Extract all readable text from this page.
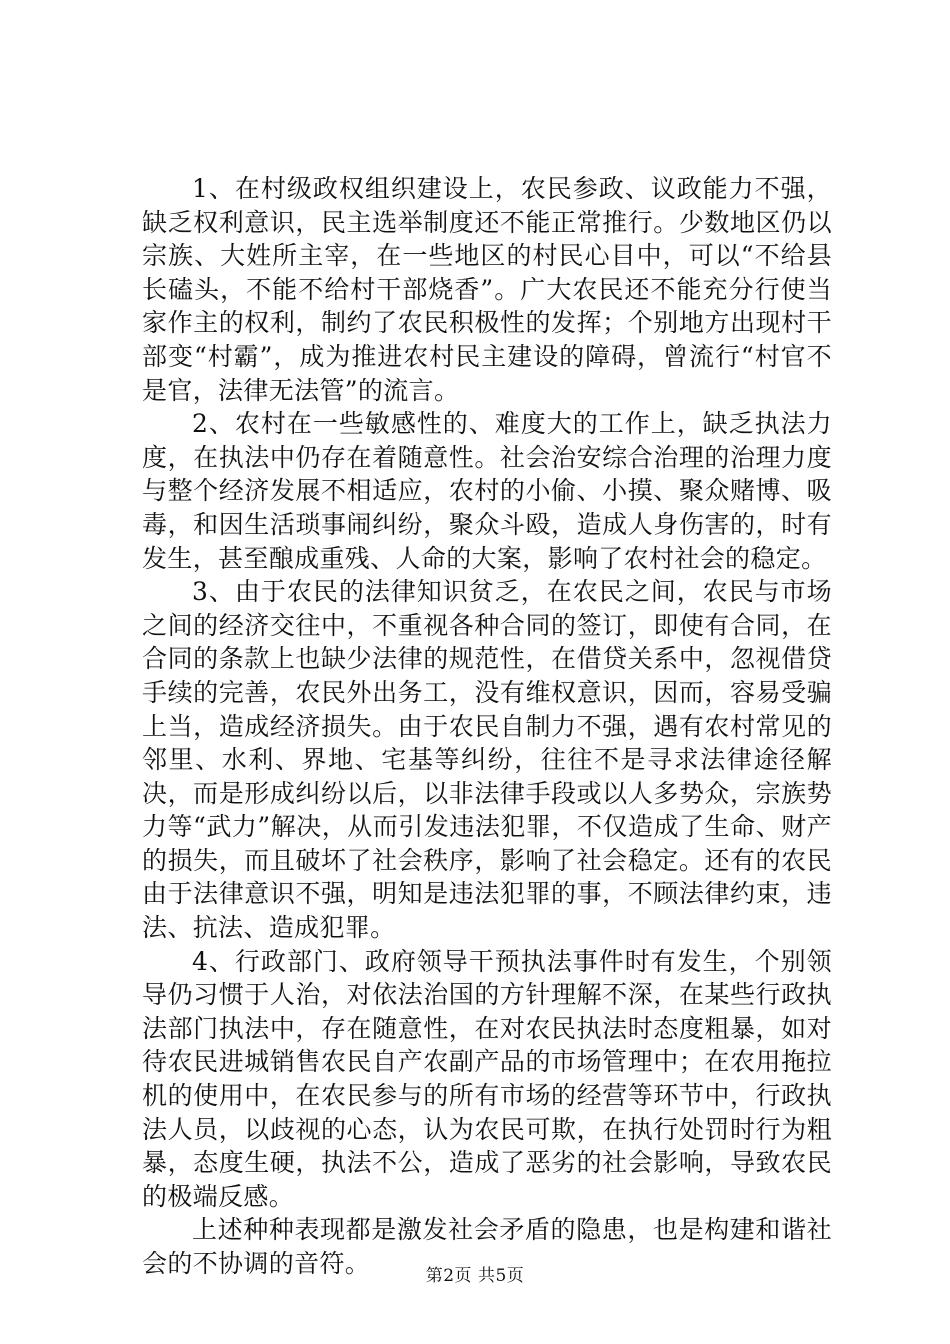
1、在村级政权组织建设上，农民参政、议政能力不强，缺乏权利意识，民主选举制度还不能正常推行。少数地区仍以宗族、大姓所主宰，在一些地区的村民心目中，可以“不给县长磕头，不能不给村干部烧香”。广大农民还不能充分行使当家作主的权利，制约了农民积极性的发挥；个别地方出现村干部变“村霸”，成为推进农村民主建设的障碍，曾流行“村官不是官，法律无法管”的流言。

2、农村在一些敏感性的、难度大的工作上，缺乏执法力度，在执法中仍存在着随意性。社会治安综合治理的治理力度与整个经济发展不相适应，农村的小偷、小摸、聚众赌博、吸毒，和因生活琐事闹纠纷，聚众斗殴，造成人身伤害的，时有发生，甚至酿成重残、人命的大案，影响了农村社会的稳定。

3、由于农民的法律知识贫乏，在农民之间，农民与市场之间的经济交往中，不重视各种合同的签订，即使有合同，在合同的条款上也缺少法律的规范性，在借贷关系中，忽视借贷手续的完善，农民外出务工，没有维权意识，因而，容易受骗上当，造成经济损失。由于农民自制力不强，遇有农村常见的邻里、水利、界地、宅基等纠纷，往往不是寻求法律途径解决，而是形成纠纷以后，以非法律手段或以人多势众，宗族势力等“武力”解决，从而引发违法犯罪，不仅造成了生命、财产的损失，而且破坏了社会秩序，影响了社会稳定。还有的农民由于法律意识不强，明知是违法犯罪的事，不顾法律约束，违法、抗法、造成犯罪。

4、行政部门、政府领导干预执法事件时有发生，个别领导仍习惯于人治，对依法治国的方针理解不深，在某些行政执法部门执法中，存在随意性，在对农民执法时态度粗暴，如对待农民进城销售农民自产农副产品的市场管理中；在农用拖拉机的使用中，在农民参与的所有市场的经营等环节中，行政执法人员，以歧视的心态，认为农民可欺，在执行处罚时行为粗暴，态度生硬，执法不公，造成了恶劣的社会影响，导致农民的极端反感。

上述种种表现都是激发社会矛盾的隐患，也是构建和谐社会的不协调的音符。	第2页 共5页
